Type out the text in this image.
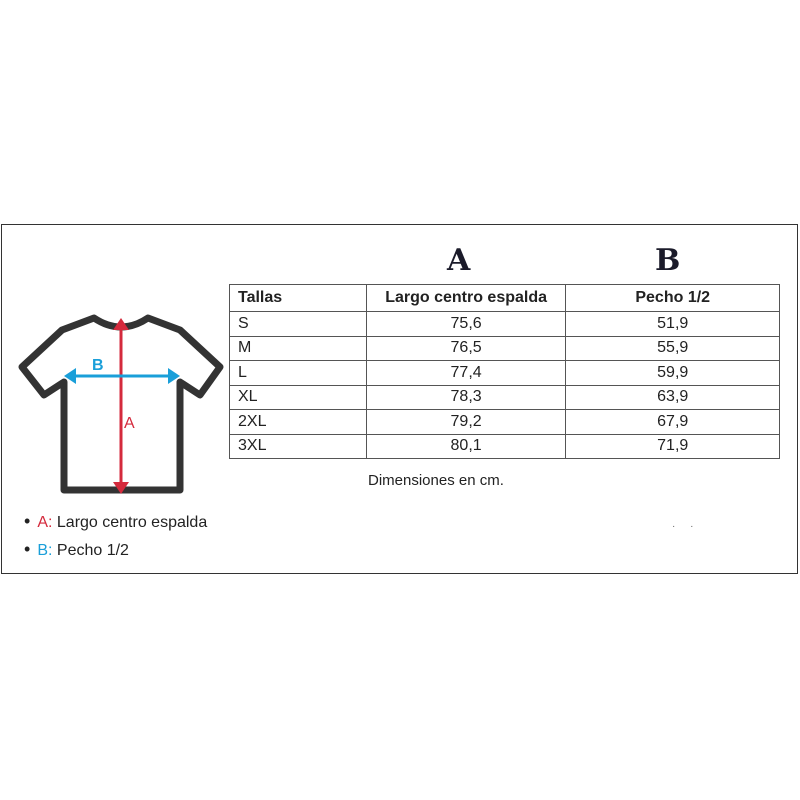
A	B
Tallas	Largo centro espalda	Pecho 1/2
S	75,6	51,9
M	76,5	55,9
L	77,4	59,9
XL	78,3	63,9
2XL	79,2	67,9
3XL	80,1	71,9
Dimensiones en cm.
A
B
• A: Largo centro espalda
• B: Pecho 1/2
· ·
